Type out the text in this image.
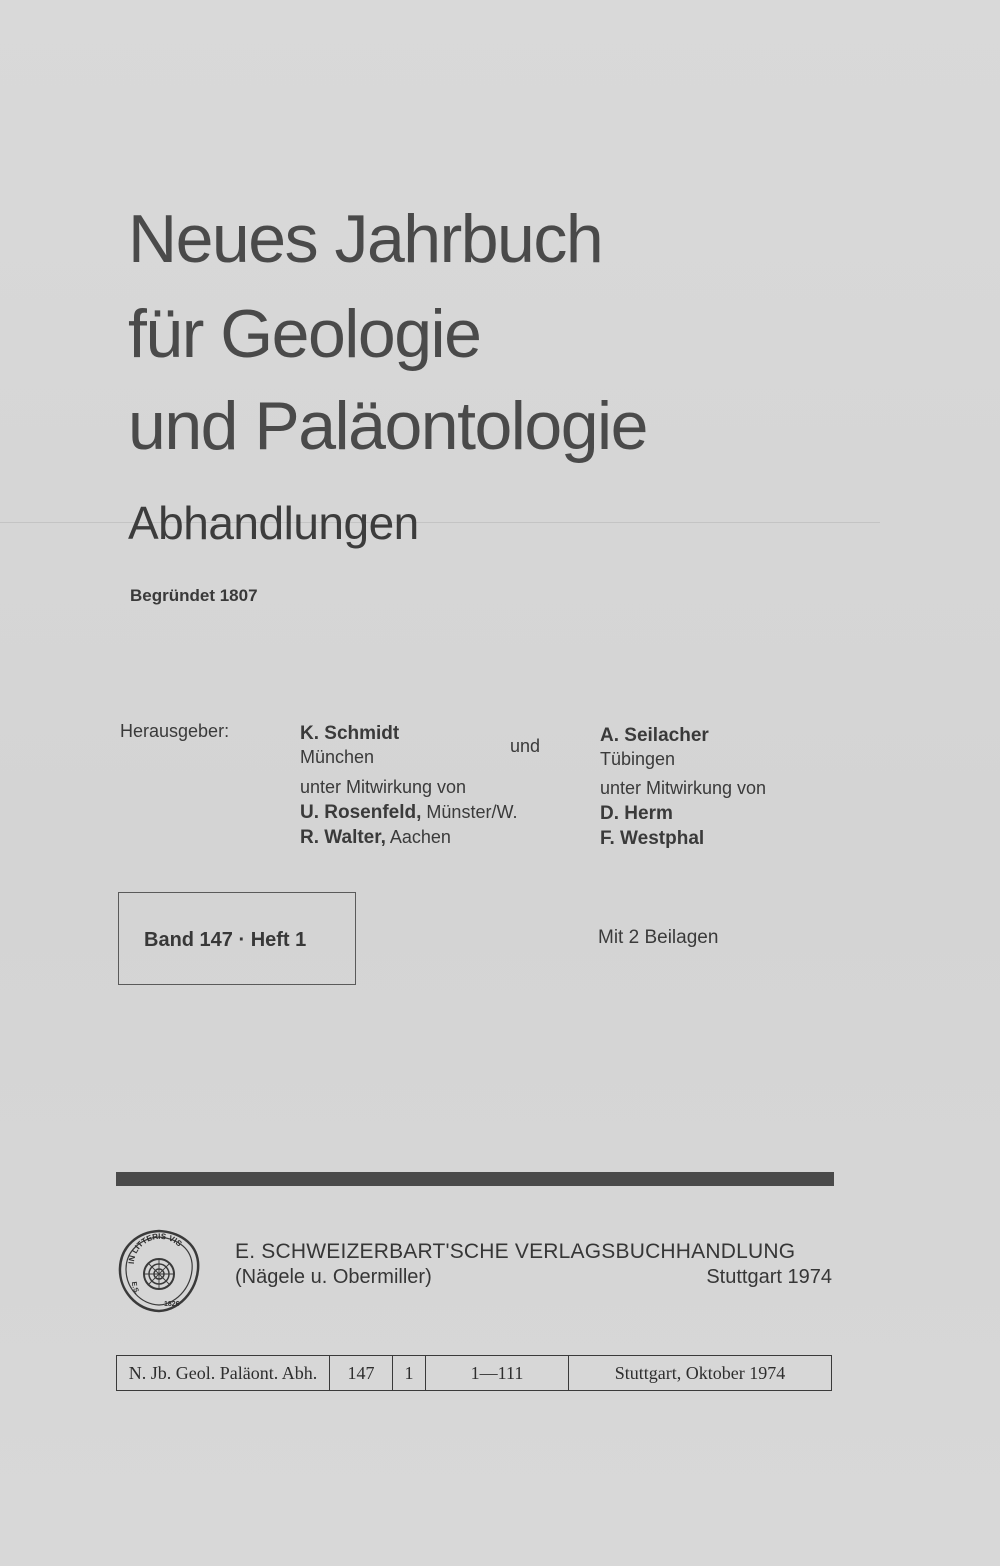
Neues Jahrbuch
für Geologie
und Paläontologie
Abhandlungen
Begründet 1807
Herausgeber:	K. Schmidt
München
und	A. Seilacher
Tübingen
unter Mitwirkung von	unter Mitwirkung von
U. Rosenfeld, Münster/W.
R. Walter, Aachen
D. Herm
F. Westphal
Band 147 · Heft 1	Mit 2 Beilagen
IN LITTERIS VIS
E.S.
1826
E. SCHWEIZERBART'SCHE VERLAGSBUCHHANDLUNG
(Nägele u. Obermiller)	Stuttgart 1974
N. Jb. Geol. Paläont. Abh.	147	1	1—111	Stuttgart, Oktober 1974
